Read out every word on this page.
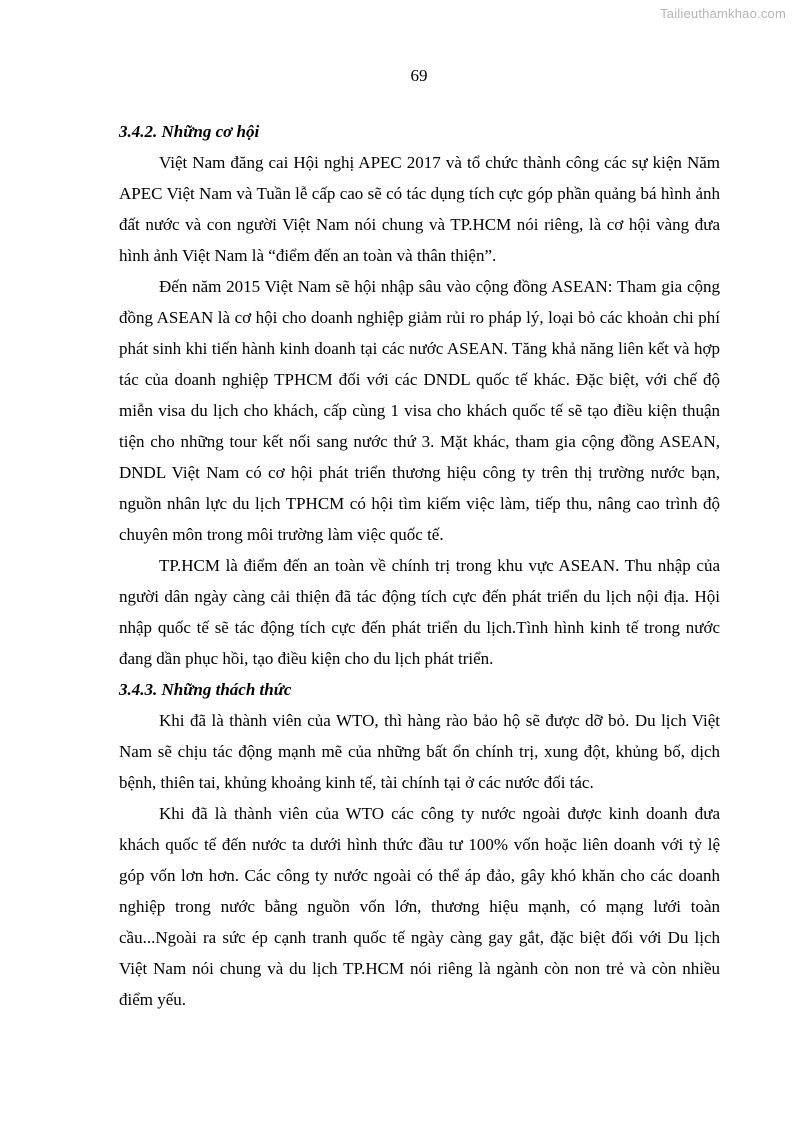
Tailieuthamkhao.com
69

3.4.2. Những cơ hội

Việt Nam đăng cai Hội nghị APEC 2017 và tổ chức thành công các sự kiện Năm APEC Việt Nam và Tuần lễ cấp cao sẽ có tác dụng tích cực góp phần quảng bá hình ảnh đất nước và con người Việt Nam nói chung và TP.HCM nói riêng, là cơ hội vàng đưa hình ảnh Việt Nam là “điểm đến an toàn và thân thiện”.

Đến năm 2015 Việt Nam sẽ hội nhập sâu vào cộng đồng ASEAN: Tham gia cộng đồng ASEAN là cơ hội cho doanh nghiệp giảm rủi ro pháp lý, loại bỏ các khoản chi phí phát sinh khi tiến hành kinh doanh tại các nước ASEAN. Tăng khả năng liên kết và hợp tác của doanh nghiệp TPHCM đối với các DNDL quốc tế khác. Đặc biệt, với chế độ miễn visa du lịch cho khách, cấp cùng 1 visa cho khách quốc tế sẽ tạo điều kiện thuận tiện cho những tour kết nối sang nước thứ 3. Mặt khác, tham gia cộng đồng ASEAN, DNDL Việt Nam có cơ hội phát triển thương hiệu công ty trên thị trường nước bạn, nguồn nhân lực du lịch TPHCM có hội tìm kiếm việc làm, tiếp thu, nâng cao trình độ chuyên môn trong môi trường làm việc quốc tế.

TP.HCM là điểm đến an toàn về chính trị trong khu vực ASEAN. Thu nhập của người dân ngày càng cải thiện đã tác động tích cực đến phát triển du lịch nội địa. Hội nhập quốc tế sẽ tác động tích cực đến phát triển du lịch.Tình hình kinh tế trong nước đang dần phục hồi, tạo điều kiện cho du lịch phát triển.

3.4.3. Những thách thức

Khi đã là thành viên của WTO, thì hàng rào bảo hộ sẽ được dỡ bỏ. Du lịch Việt Nam sẽ chịu tác động mạnh mẽ của những bất ổn chính trị, xung đột, khủng bố, dịch bệnh, thiên tai, khủng khoảng kinh tế, tài chính tại ở các nước đối tác.

Khi đã là thành viên của WTO các công ty nước ngoài được kinh doanh đưa khách quốc tế đến nước ta dưới hình thức đầu tư 100% vốn hoặc liên doanh với tỷ lệ góp vốn lơn hơn. Các công ty nước ngoài có thể áp đảo, gây khó khăn cho các doanh nghiệp trong nước bằng nguồn vốn lớn, thương hiệu mạnh, có mạng lưới toàn cầu...Ngoài ra sức ép cạnh tranh quốc tế ngày càng gay gắt, đặc biệt đối với Du lịch Việt Nam nói chung và du lịch TP.HCM nói riêng là ngành còn non trẻ và còn nhiều điểm yếu.
